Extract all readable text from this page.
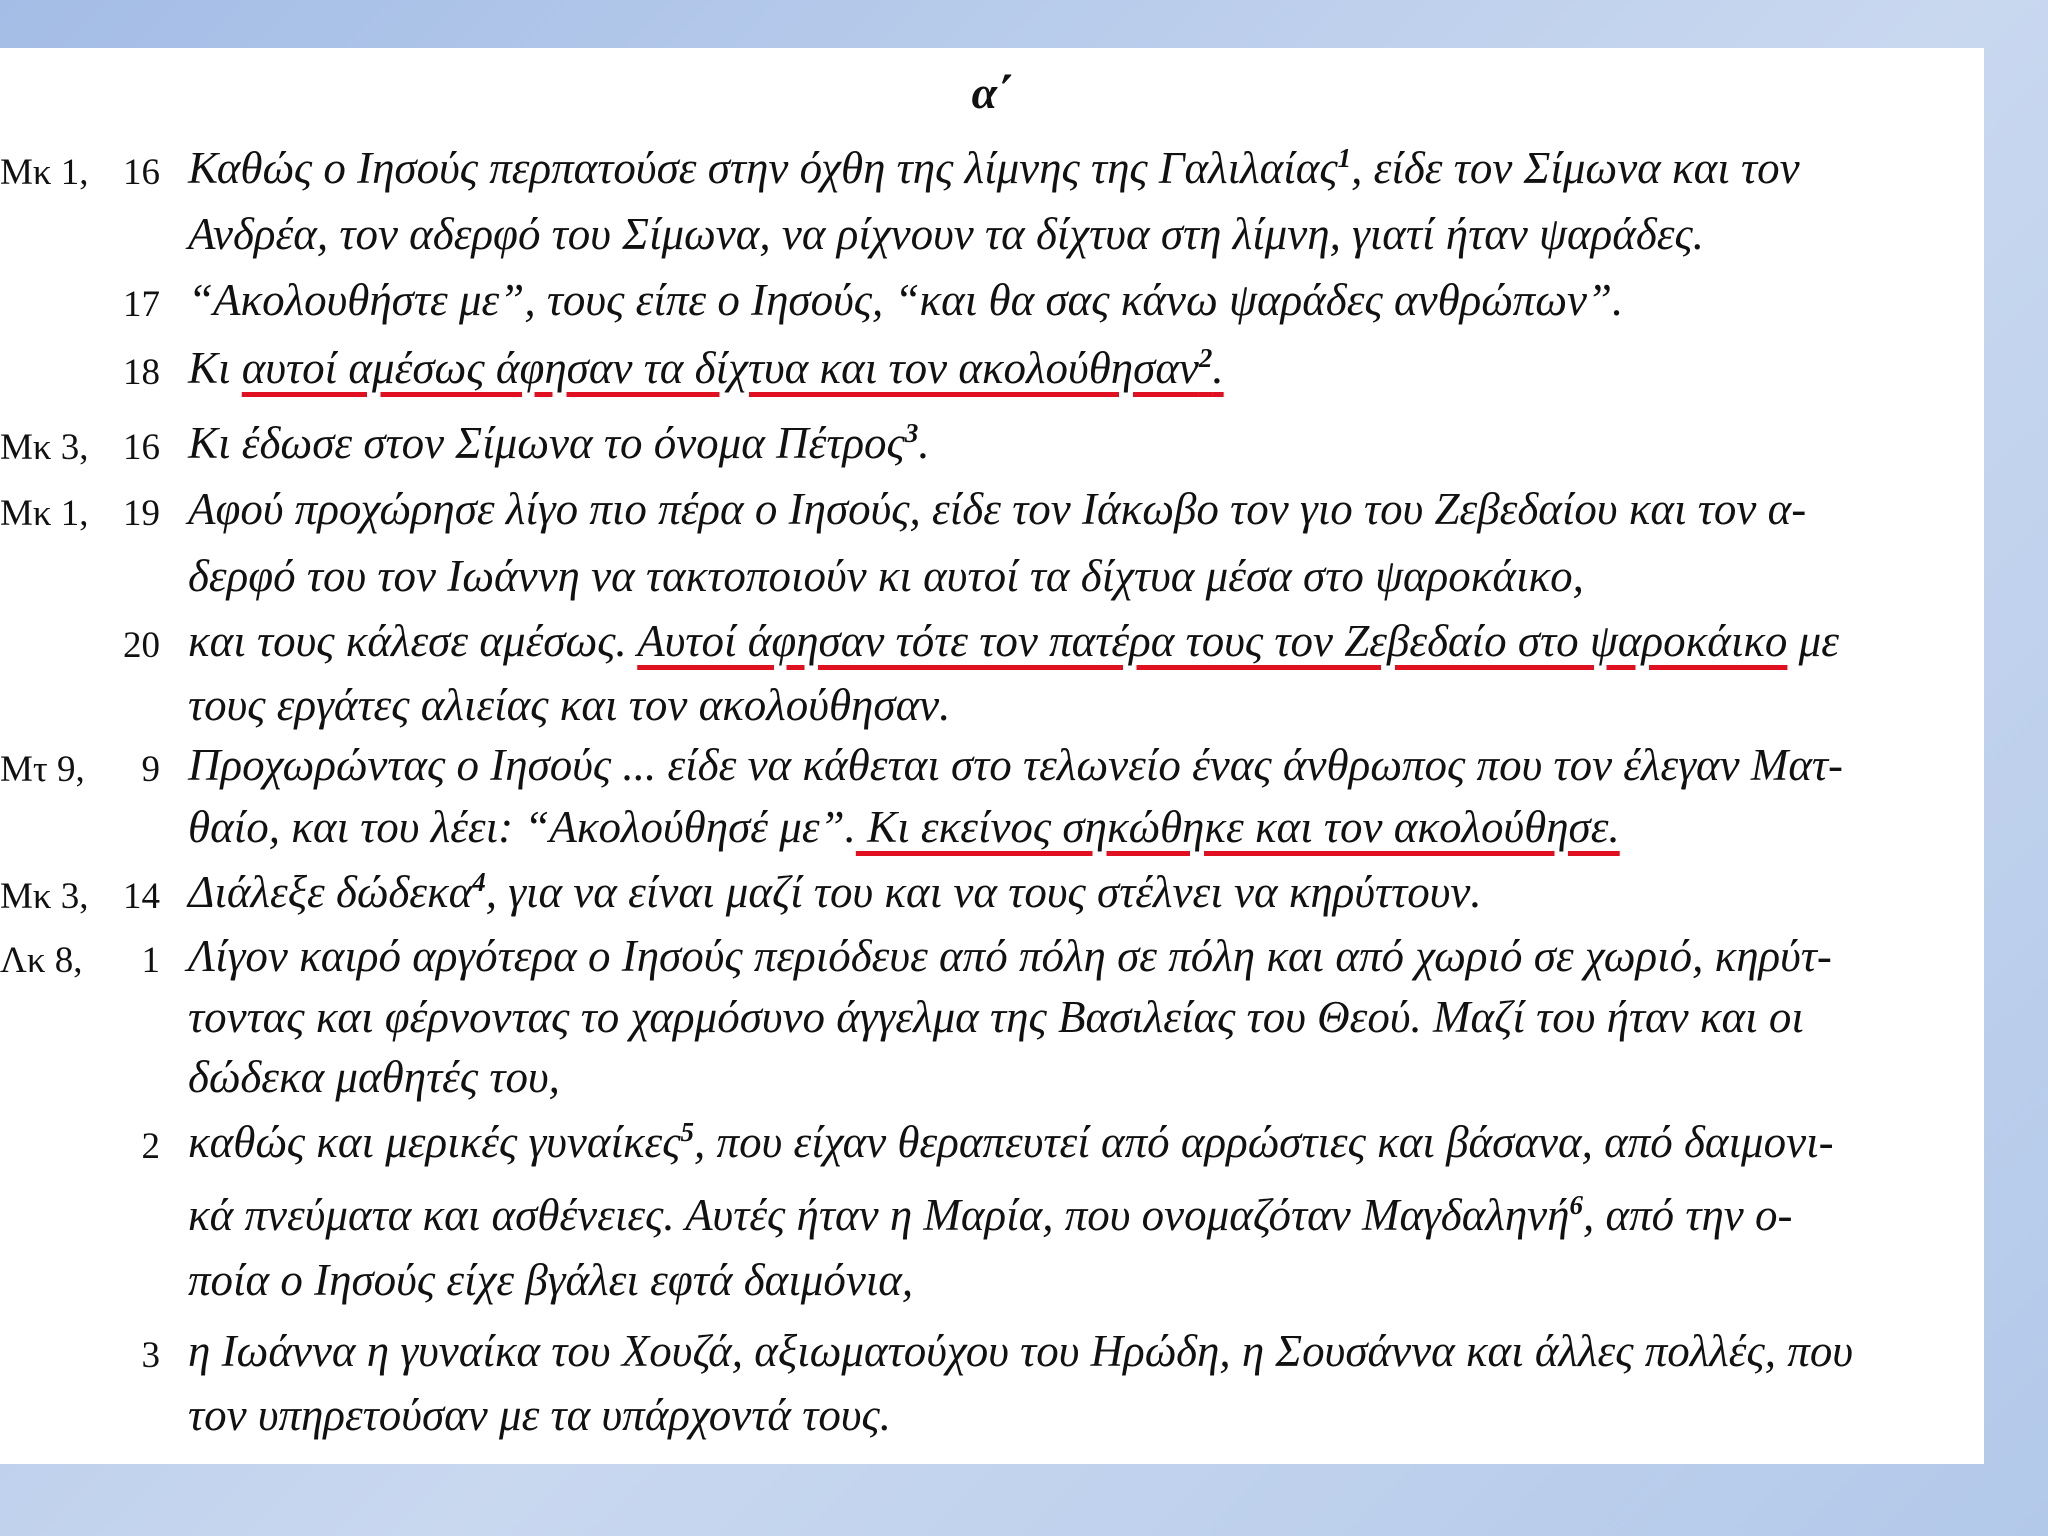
α΄
Μκ 1, 16 Καθώς ο Ιησούς περπατούσε στην όχθη της λίμνης της Γαλιλαίας$^1$, είδε τον Σίμωνα και τον
Ανδρέα, τον αδερφό του Σίμωνα, να ρίχνουν τα δίχτυα στη λίμνη, γιατί ήταν ψαράδες.
17 “Ακολουθήστε με”, τους είπε ο Ιησούς, “και θα σας κάνω ψαράδες ανθρώπων”.
18 Κι αυτοί αμέσως άφησαν τα δίχτυα και τον ακολούθησαν$^2$.
Μκ 3, 16 Κι έδωσε στον Σίμωνα το όνομα Πέτρος$^3$.
Μκ 1, 19 Αφού προχώρησε λίγο πιο πέρα ο Ιησούς, είδε τον Ιάκωβο τον γιο του Ζεβεδαίου και τον α-
δερφό του τον Ιωάννη να τακτοποιούν κι αυτοί τα δίχτυα μέσα στο ψαροκάικο,
20 και τους κάλεσε αμέσως. Αυτοί άφησαν τότε τον πατέρα τους τον Ζεβεδαίο στο ψαροκάικο με
τους εργάτες αλιείας και τον ακολούθησαν.
Μτ 9,	9 Προχωρώντας ο Ιησούς ... είδε να κάθεται στο τελωνείο ένας άνθρωπος που τον έλεγαν Ματ-
θαίο, και του λέει: “Ακολούθησέ με”. Κι εκείνος σηκώθηκε και τον ακολούθησε.
Μκ 3, 14 Διάλεξε δώδεκα$^4$, για να είναι μαζί του και να τους στέλνει να κηρύττουν.
Λκ 8,	1 Λίγον καιρό αργότερα ο Ιησούς περιόδευε από πόλη σε πόλη και από χωριό σε χωριό, κηρύτ-
τοντας και φέρνοντας το χαρμόσυνο άγγελμα της Βασιλείας του Θεού. Μαζί του ήταν και οι
δώδεκα μαθητές του,
2 καθώς και μερικές γυναίκες$^5$, που είχαν θεραπευτεί από αρρώστιες και βάσανα, από δαιμονι-
κά πνεύματα και ασθένειες. Αυτές ήταν η Μαρία, που ονομαζόταν Μαγδαληνή$^6$, από την ο-
ποία ο Ιησούς είχε βγάλει εφτά δαιμόνια,
3 η Ιωάννα η γυναίκα του Χουζά, αξιωματούχου του Ηρώδη, η Σουσάννα και άλλες πολλές, που
τον υπηρετούσαν με τα υπάρχοντά τους.
